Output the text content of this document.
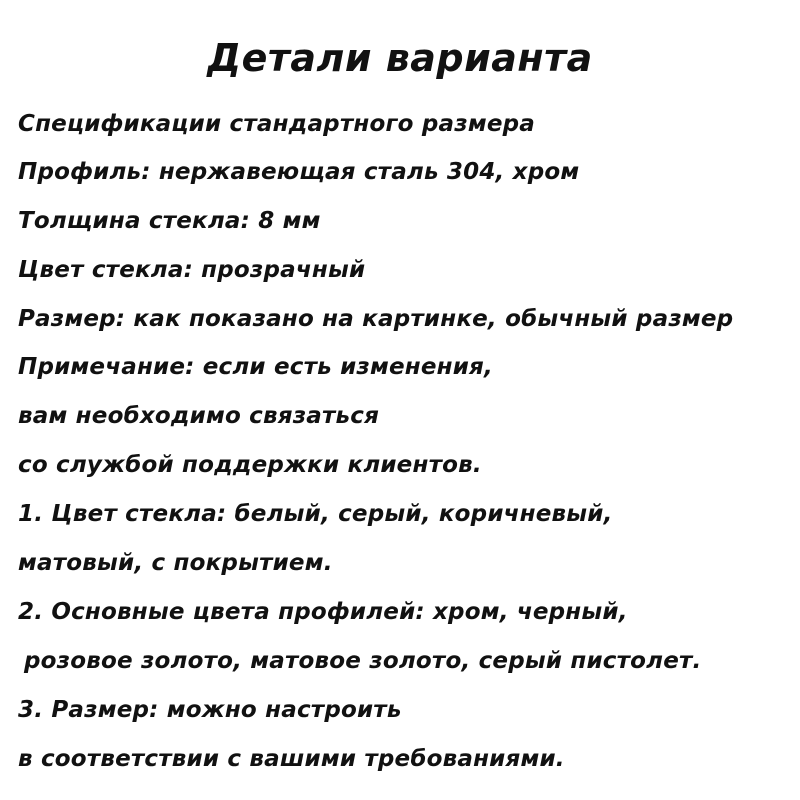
Детали варианта
Спецификации стандартного размера
Профиль: нержавеющая сталь 304, хром
Толщина стекла: 8 мм
Цвет стекла: прозрачный
Размер: как показано на картинке, обычный размер
Примечание: если есть изменения,
вам необходимо связаться
со службой поддержки клиентов.
1. Цвет стекла: белый, серый, коричневый,
матовый, с покрытием.
2. Основные цвета профилей: хром, черный,
розовое золото, матовое золото, серый пистолет.
3. Размер: можно настроить
в соответствии с вашими требованиями.
